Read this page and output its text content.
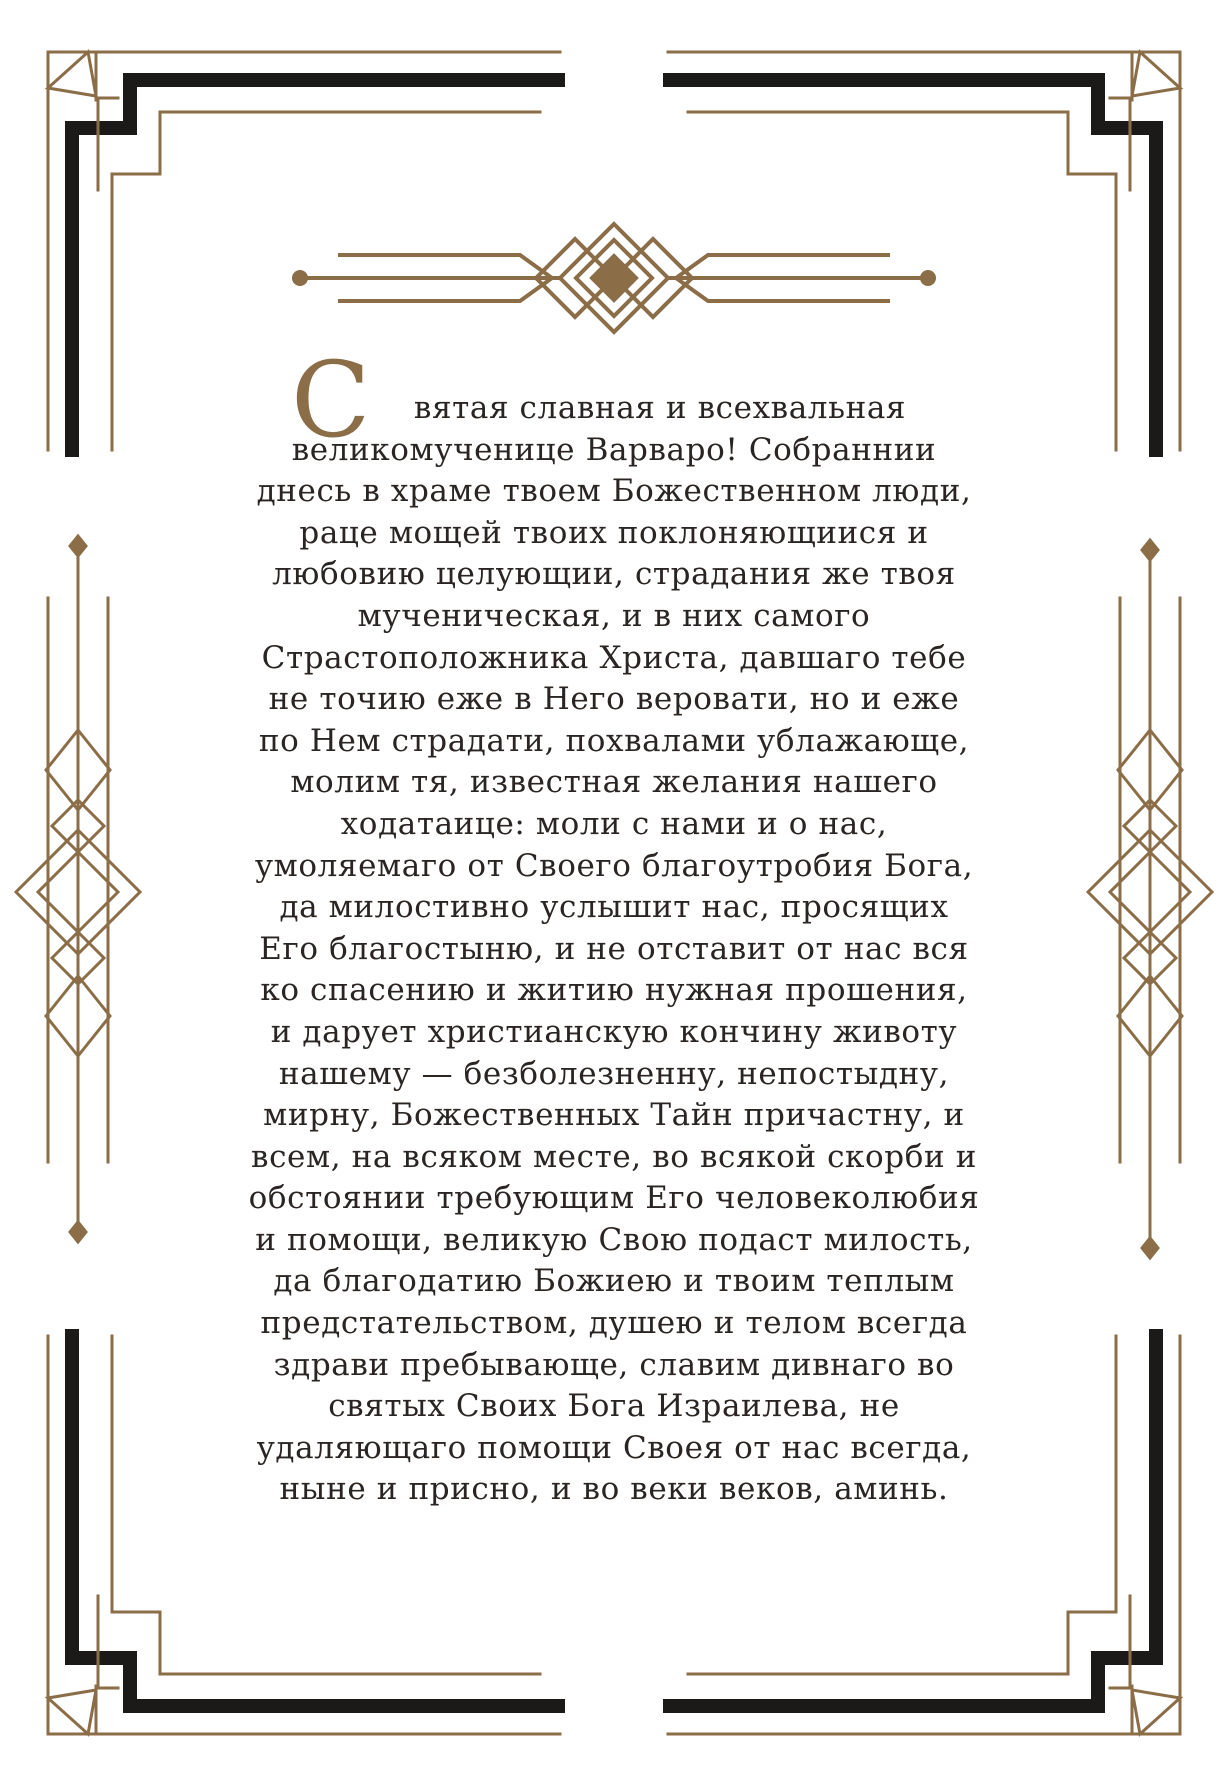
С вятая славная и всехвальная
великомученице Варваро! Собраннии
днесь в храме твоем Божественном люди,
раце мощей твоих поклоняющиися и
любовию целующии, страдания же твоя
мученическая, и в них самого
Страстоположника Христа, давшаго тебе
не точию еже в Него веровати, но и еже
по Нем страдати, похвалами ублажающе,
молим тя, известная желания нашего
ходатаице: моли с нами и о нас,
умоляемаго от Своего благоутробия Бога,
да милостивно услышит нас, просящих
Его благостыню, и не отставит от нас вся
ко спасению и житию нужная прошения,
и дарует христианскую кончину животу
нашему — безболезненну, непостыдну,
мирну, Божественных Тайн причастну, и
всем, на всяком месте, во всякой скорби и
обстоянии требующим Его человеколюбия
и помощи, великую Свою подаст милость,
да благодатию Божиею и твоим теплым
предстательством, душею и телом всегда
здрави пребывающе, славим дивнаго во
святых Своих Бога Израилева, не
удаляющаго помощи Своея от нас всегда,
ныне и присно, и во веки веков, аминь.
